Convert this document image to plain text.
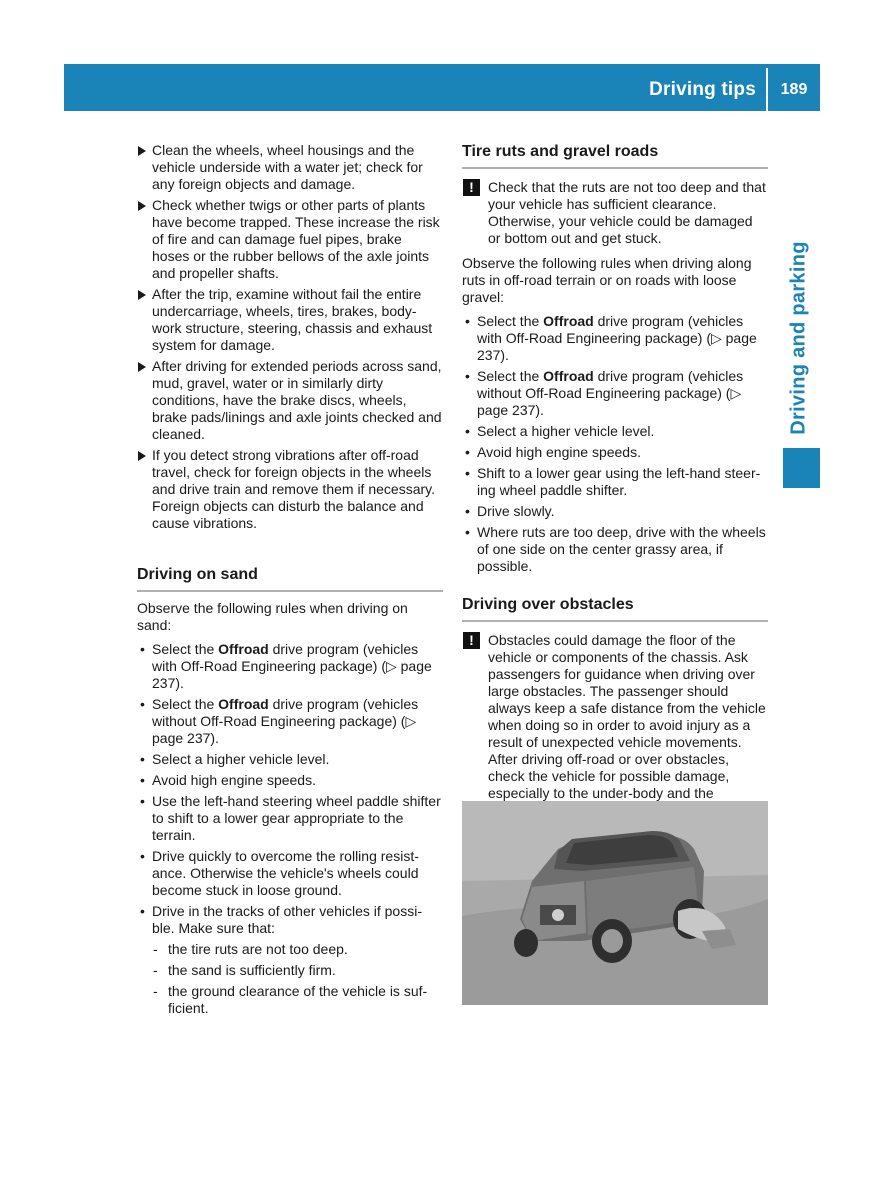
Driving tips	189
Driving and parking
Clean the wheels, wheel housings and the vehicle underside with a water jet; check for any foreign objects and damage.
Check whether twigs or other parts of plants have become trapped. These increase the risk of fire and can damage fuel pipes, brake hoses or the rubber bellows of the axle joints and propeller shafts.
After the trip, examine without fail the entire undercarriage, wheels, tires, brakes, body-work structure, steering, chassis and exhaust system for damage.
After driving for extended periods across sand, mud, gravel, water or in similarly dirty conditions, have the brake discs, wheels, brake pads/linings and axle joints checked and cleaned.
If you detect strong vibrations after off-road travel, check for foreign objects in the wheels and drive train and remove them if necessary. Foreign objects can disturb the balance and cause vibrations.
Driving on sand

Observe the following rules when driving on sand:

• Select the Offroad drive program (vehicles with Off-Road Engineering package) (▷ page 237).
• Select the Offroad drive program (vehicles without Off-Road Engineering package) (▷ page 237).
• Select a higher vehicle level.
• Avoid high engine speeds.
• Use the left-hand steering wheel paddle shifter to shift to a lower gear appropriate to the terrain.
• Drive quickly to overcome the rolling resist-ance. Otherwise the vehicle's wheels could become stuck in loose ground.
• Drive in the tracks of other vehicles if possi-ble. Make sure that:
- the tire ruts are not too deep.
- the sand is sufficiently firm.
- the ground clearance of the vehicle is suf-ficient.
Tire ruts and gravel roads
!	Check that the ruts are not too deep and that your vehicle has sufficient clearance. Otherwise, your vehicle could be damaged or bottom out and get stuck.

Observe the following rules when driving along ruts in off-road terrain or on roads with loose gravel:

• Select the Offroad drive program (vehicles with Off-Road Engineering package) (▷ page 237).
• Select the Offroad drive program (vehicles without Off-Road Engineering package) (▷ page 237).
• Select a higher vehicle level.
• Avoid high engine speeds.
• Shift to a lower gear using the left-hand steer-ing wheel paddle shifter.
• Drive slowly.
• Where ruts are too deep, drive with the wheels of one side on the center grassy area, if possible.
Driving over obstacles
!	Obstacles could damage the floor of the vehicle or components of the chassis. Ask passengers for guidance when driving over large obstacles. The passenger should always keep a safe distance from the vehicle when doing so in order to avoid injury as a result of unexpected vehicle movements. After driving off-road or over obstacles, check the vehicle for possible damage, especially to the under-body and the
